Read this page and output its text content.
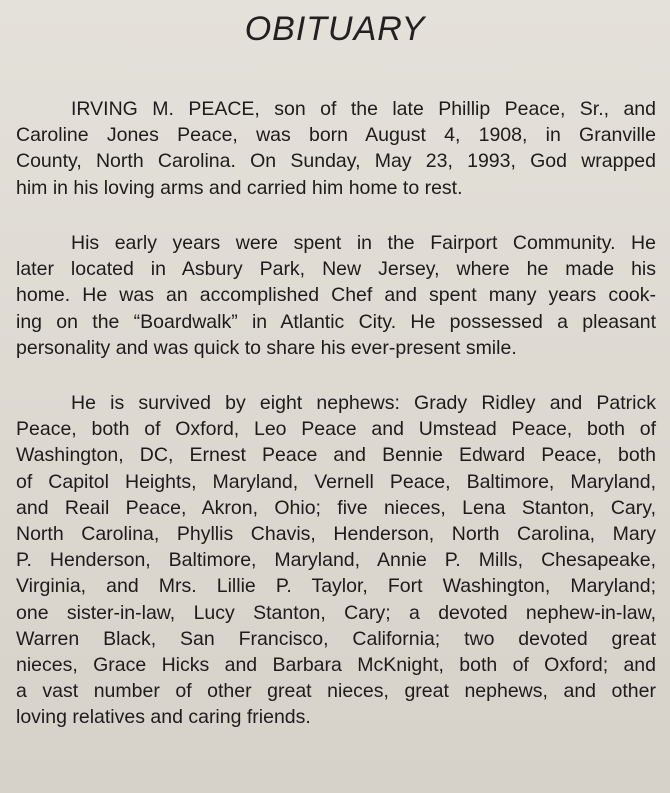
OBITUARY

IRVING M. PEACE, son of the late Phillip Peace, Sr., and
Caroline Jones Peace, was born August 4, 1908, in Granville
County, North Carolina. On Sunday, May 23, 1993, God wrapped
him in his loving arms and carried him home to rest.

His early years were spent in the Fairport Community. He
later located in Asbury Park, New Jersey, where he made his
home. He was an accomplished Chef and spent many years cook-
ing on the “Boardwalk” in Atlantic City. He possessed a pleasant
personality and was quick to share his ever-present smile.

He is survived by eight nephews: Grady Ridley and Patrick
Peace, both of Oxford, Leo Peace and Umstead Peace, both of
Washington, DC, Ernest Peace and Bennie Edward Peace, both
of Capitol Heights, Maryland, Vernell Peace, Baltimore, Maryland,
and Reail Peace, Akron, Ohio; five nieces, Lena Stanton, Cary,
North Carolina, Phyllis Chavis, Henderson, North Carolina, Mary
P. Henderson, Baltimore, Maryland, Annie P. Mills, Chesapeake,
Virginia, and Mrs. Lillie P. Taylor, Fort Washington, Maryland;
one sister-in-law, Lucy Stanton, Cary; a devoted nephew-in-law,
Warren Black, San Francisco, California; two devoted great
nieces, Grace Hicks and Barbara McKnight, both of Oxford; and
a vast number of other great nieces, great nephews, and other
loving relatives and caring friends.
